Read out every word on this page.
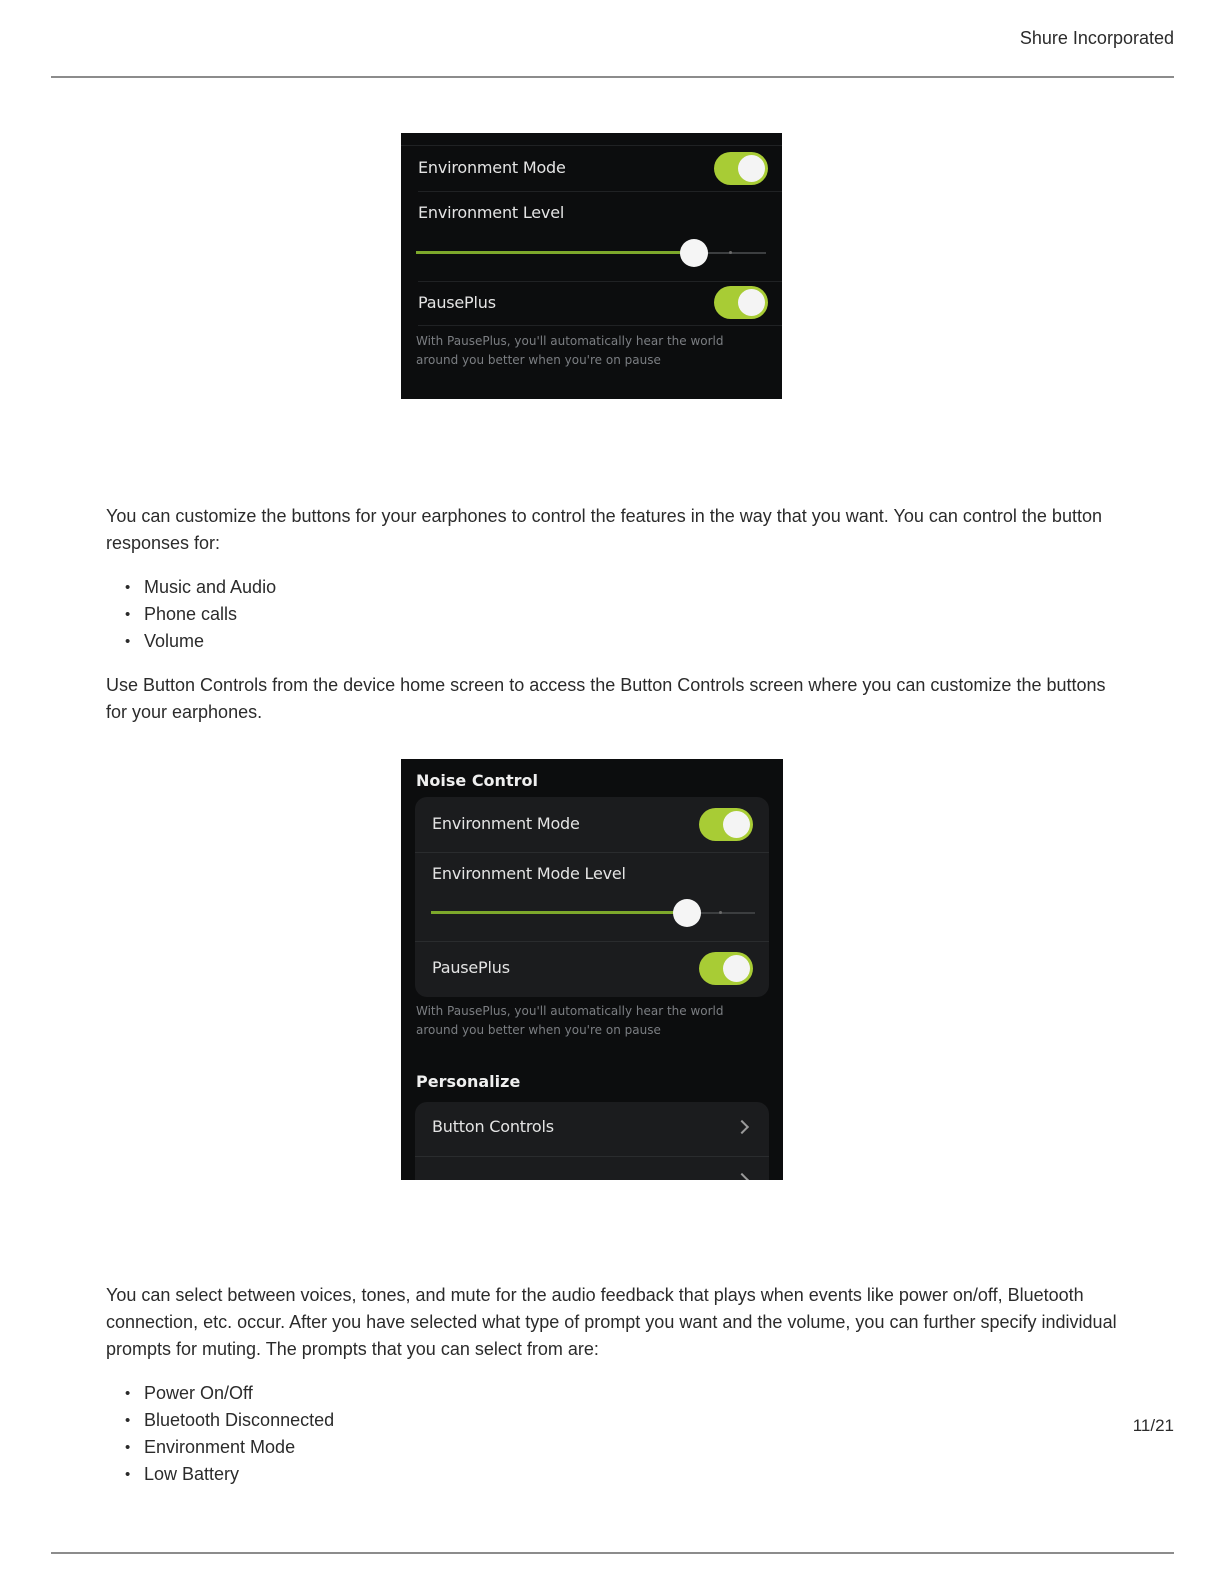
Shure Incorporated
Environment Mode
Environment Level
PausePlus
With PausePlus, you'll automatically hear the world
around you better when you're on pause

You can customize the buttons for your earphones to control the features in the way that you want. You can control the button responses for:

• Music and Audio
• Phone calls
• Volume

Use Button Controls from the device home screen to access the Button Controls screen where you can customize the buttons for your earphones.

Noise Control
Environment Mode
Environment Mode Level
PausePlus
With PausePlus, you'll automatically hear the world
around you better when you're on pause
Personalize
Button Controls

You can select between voices, tones, and mute for the audio feedback that plays when events like power on/off, Bluetooth connection, etc. occur. After you have selected what type of prompt you want and the volume, you can further specify individual prompts for muting. The prompts that you can select from are:

• Power On/Off
• Bluetooth Disconnected
• Environment Mode
• Low Battery
11/21
